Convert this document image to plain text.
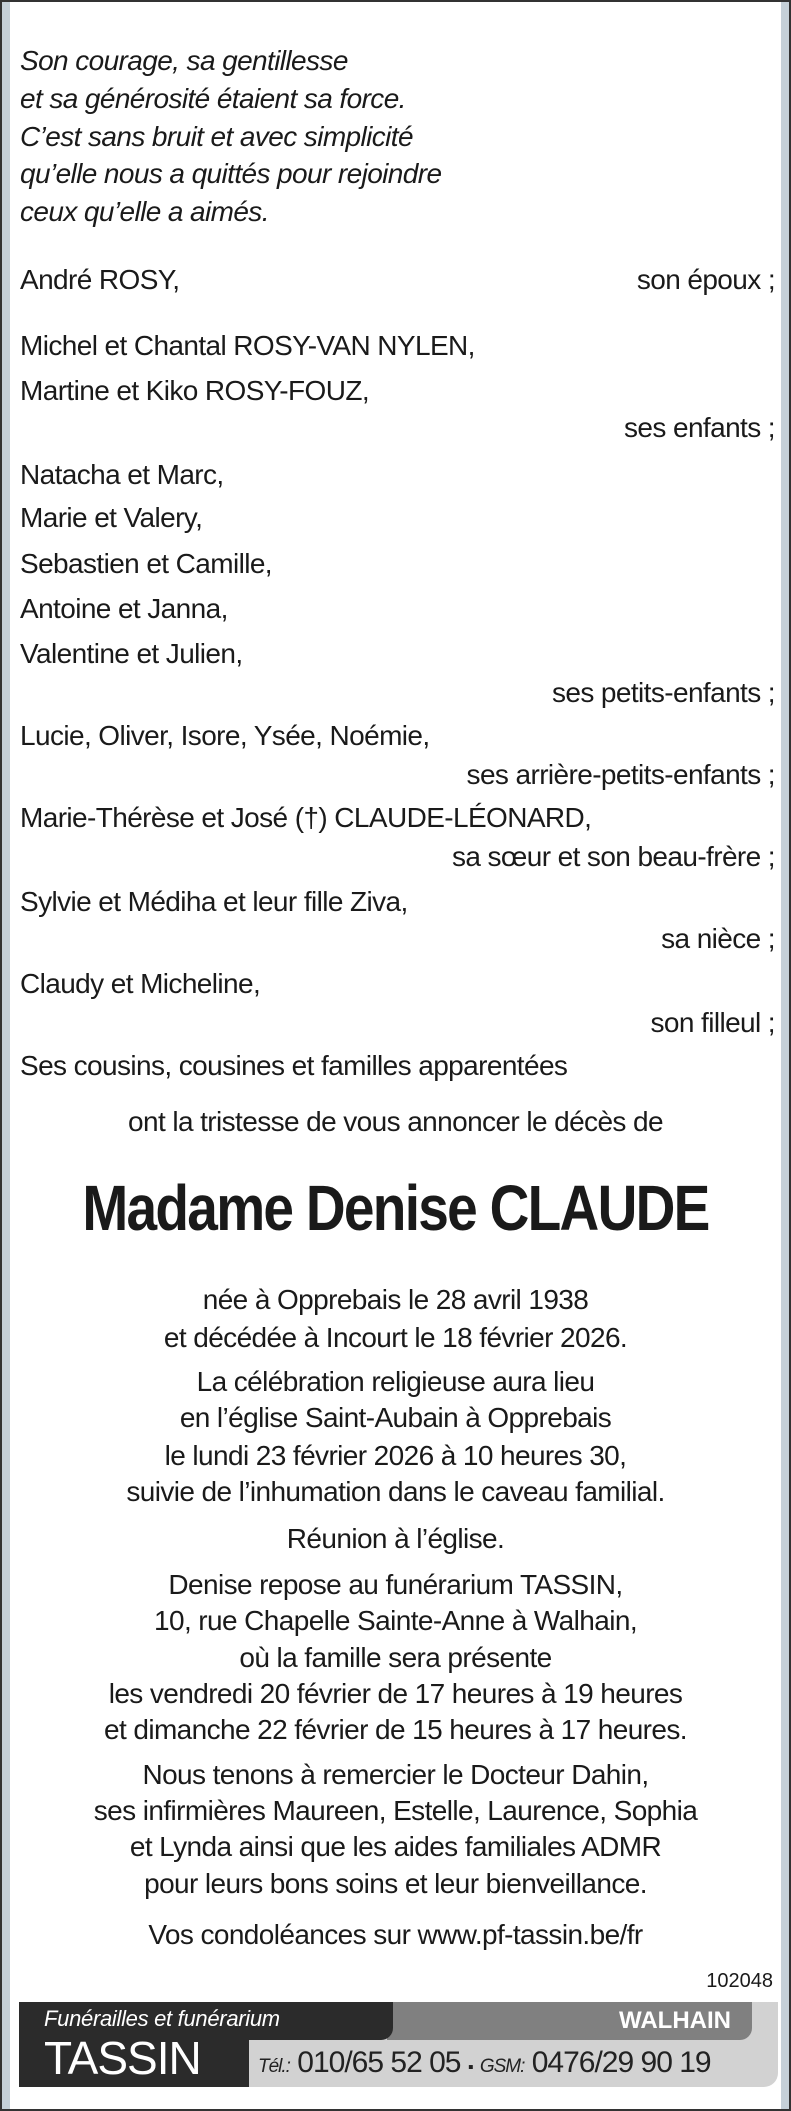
Son courage, sa gentillesse
et sa générosité étaient sa force.
C’est sans bruit et avec simplicité
qu’elle nous a quittés pour rejoindre
ceux qu’elle a aimés.
André ROSY,	son époux ;
Michel et Chantal ROSY-VAN NYLEN,
Martine et Kiko ROSY-FOUZ,
ses enfants ;
Natacha et Marc,
Marie et Valery,
Sebastien et Camille,
Antoine et Janna,
Valentine et Julien,
ses petits-enfants ;
Lucie, Oliver, Isore, Ysée, Noémie,
ses arrière-petits-enfants ;
Marie-Thérèse et José (†) CLAUDE-LÉONARD,
sa sœur et son beau-frère ;
Sylvie et Médiha et leur fille Ziva,
sa nièce ;
Claudy et Micheline,
son filleul ;
Ses cousins, cousines et familles apparentées
ont la tristesse de vous annoncer le décès de
Madame Denise CLAUDE
née à Opprebais le 28 avril 1938
et décédée à Incourt le 18 février 2026.
La célébration religieuse aura lieu
en l’église Saint-Aubain à Opprebais
le lundi 23 février 2026 à 10 heures 30,
suivie de l’inhumation dans le caveau familial.
Réunion à l’église.
Denise repose au funérarium TASSIN,
10, rue Chapelle Sainte-Anne à Walhain,
où la famille sera présente
les vendredi 20 février de 17 heures à 19 heures
et dimanche 22 février de 15 heures à 17 heures.
Nous tenons à remercier le Docteur Dahin,
ses infirmières Maureen, Estelle, Laurence, Sophia
et Lynda ainsi que les aides familiales ADMR
pour leurs bons soins et leur bienveillance.
Vos condoléances sur www.pf-tassin.be/fr
102048
Funérailles et funérarium
TASSIN
WALHAIN
Tél.: 010/65 52 05 ▪ GSM: 0476/29 90 19
